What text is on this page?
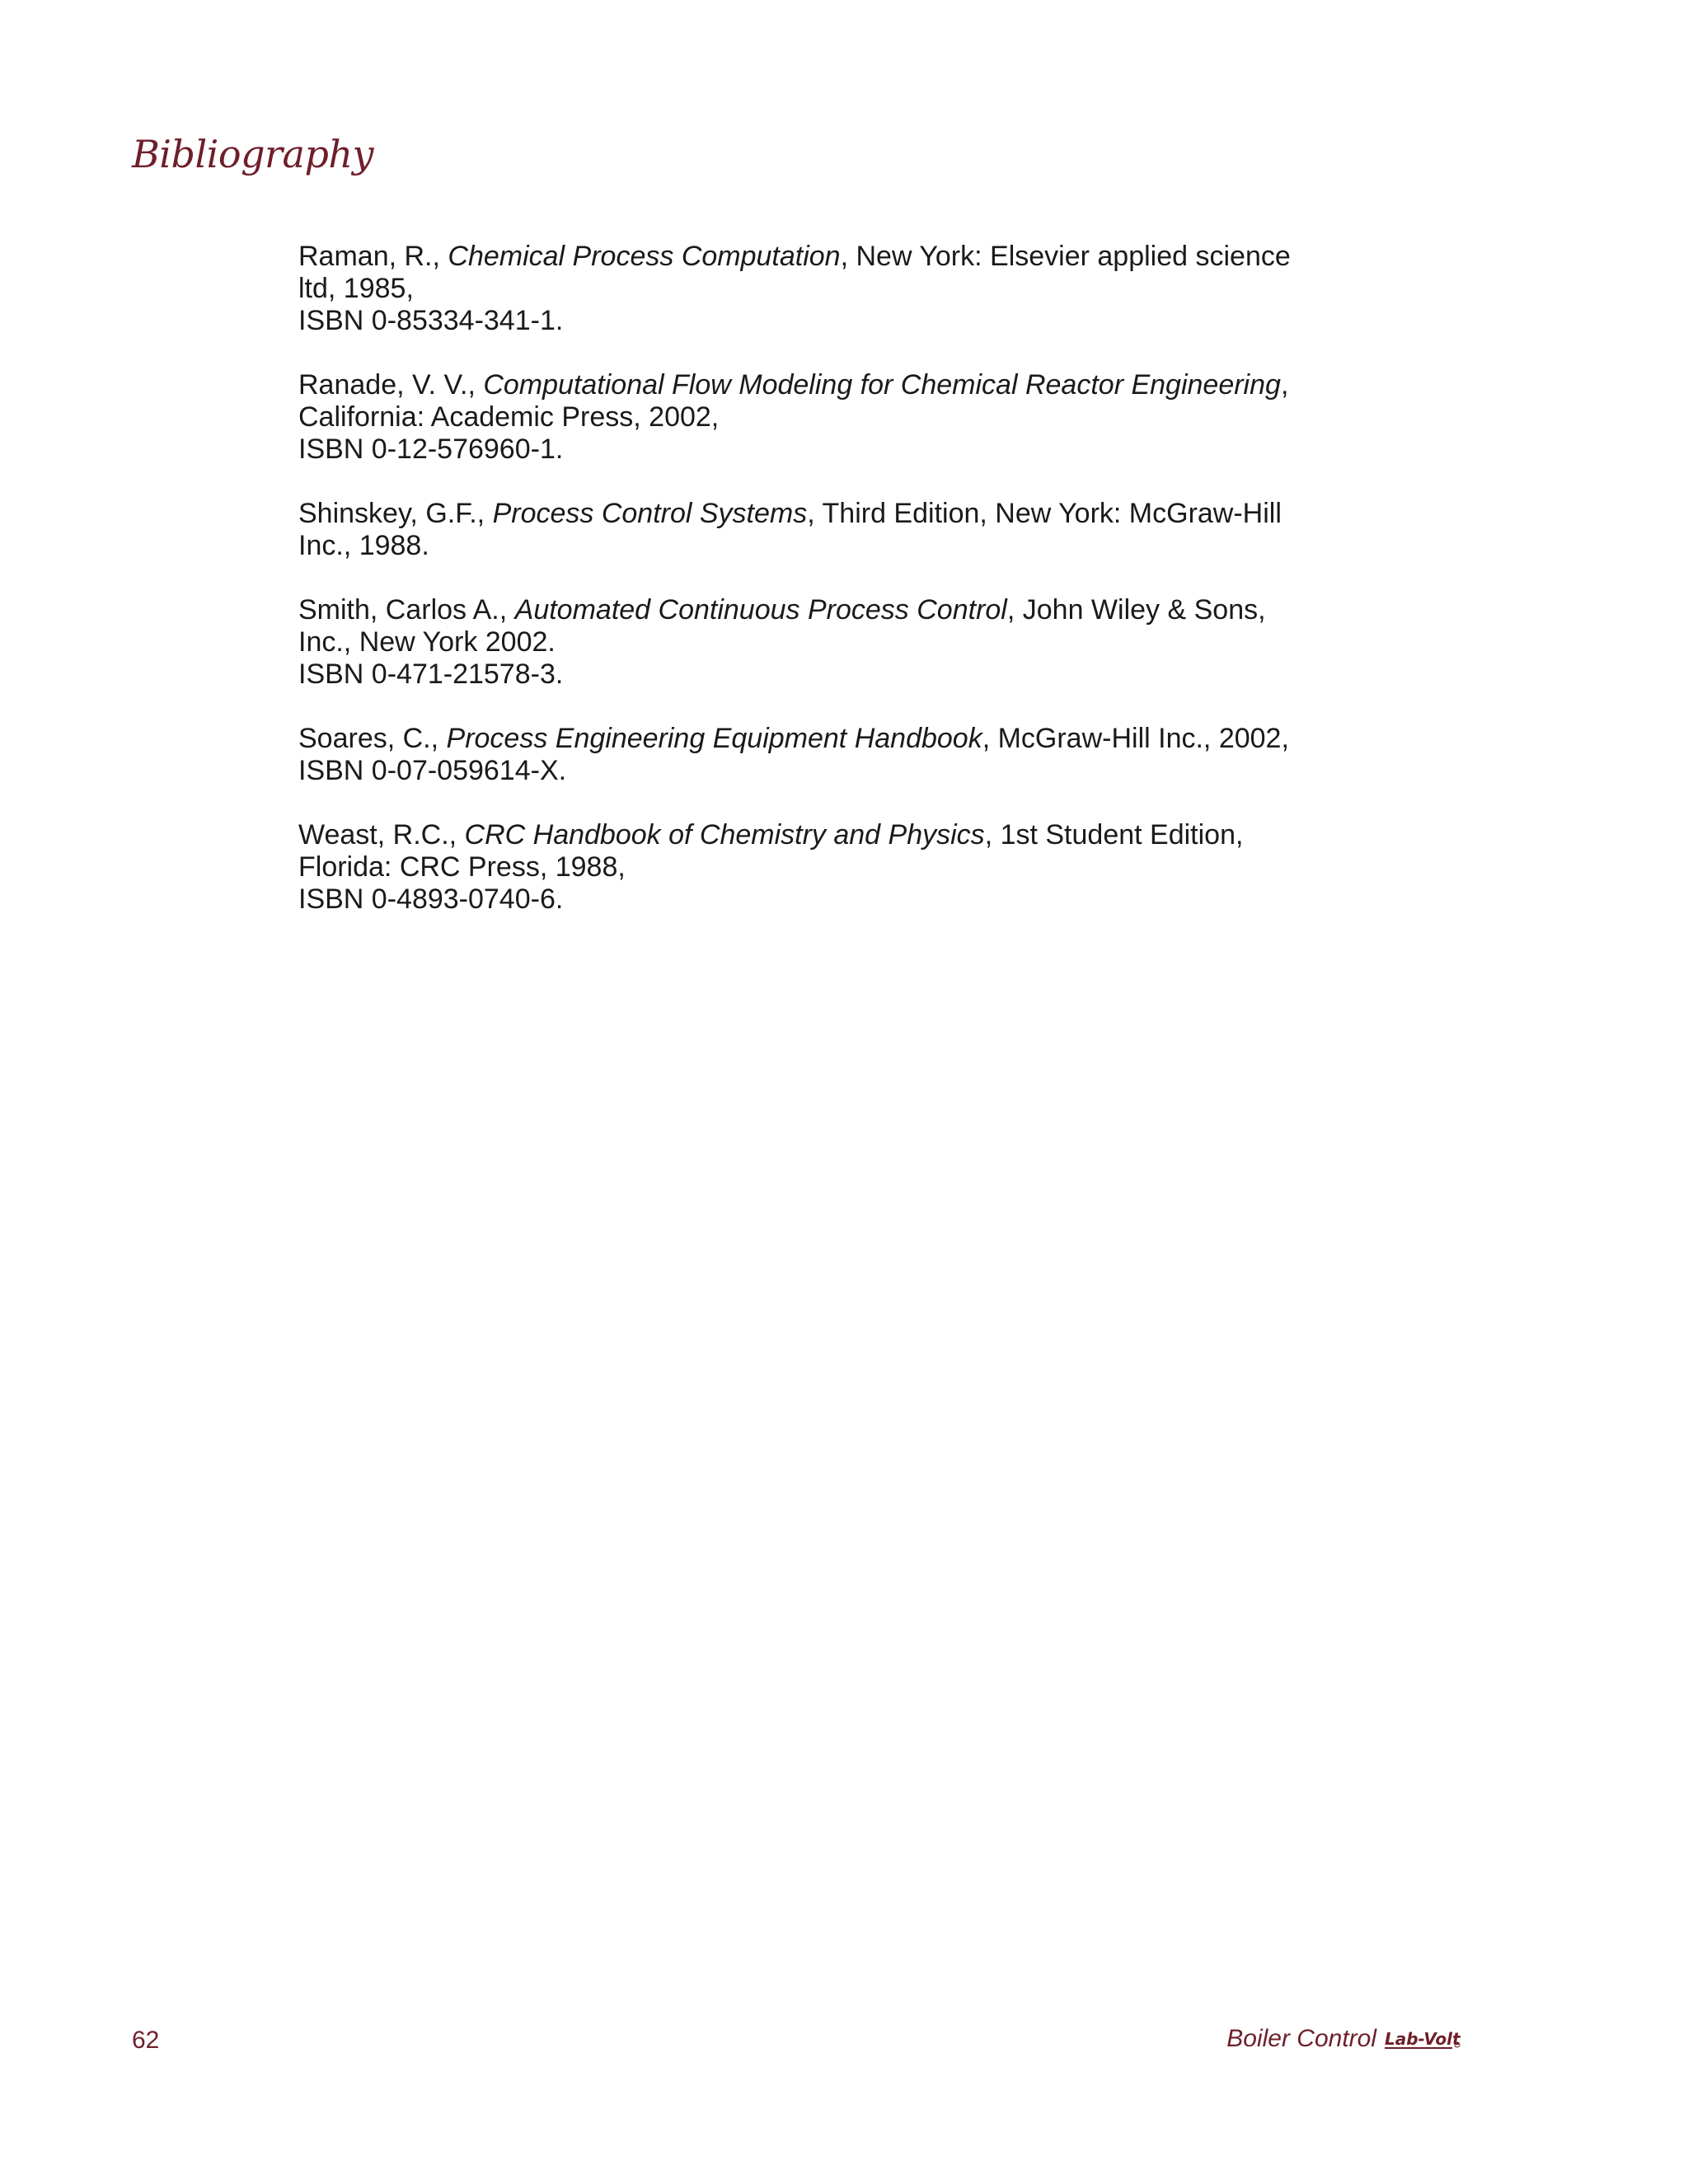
Bibliography
Raman, R., Chemical Process Computation, New York: Elsevier applied science
ltd, 1985,
ISBN 0-85334-341-1.
Ranade, V. V., Computational Flow Modeling for Chemical Reactor Engineering,
California: Academic Press, 2002,
ISBN 0-12-576960-1.
Shinskey, G.F., Process Control Systems, Third Edition, New York: McGraw-Hill
Inc., 1988.
Smith, Carlos A., Automated Continuous Process Control, John Wiley & Sons,
Inc., New York 2002.
ISBN 0-471-21578-3.
Soares, C., Process Engineering Equipment Handbook, McGraw-Hill Inc., 2002,
ISBN 0-07-059614-X.
Weast, R.C., CRC Handbook of Chemistry and Physics, 1st Student Edition,
Florida: CRC Press, 1988,
ISBN 0-4893-0740-6.
62	Boiler Control Lab-Volt
